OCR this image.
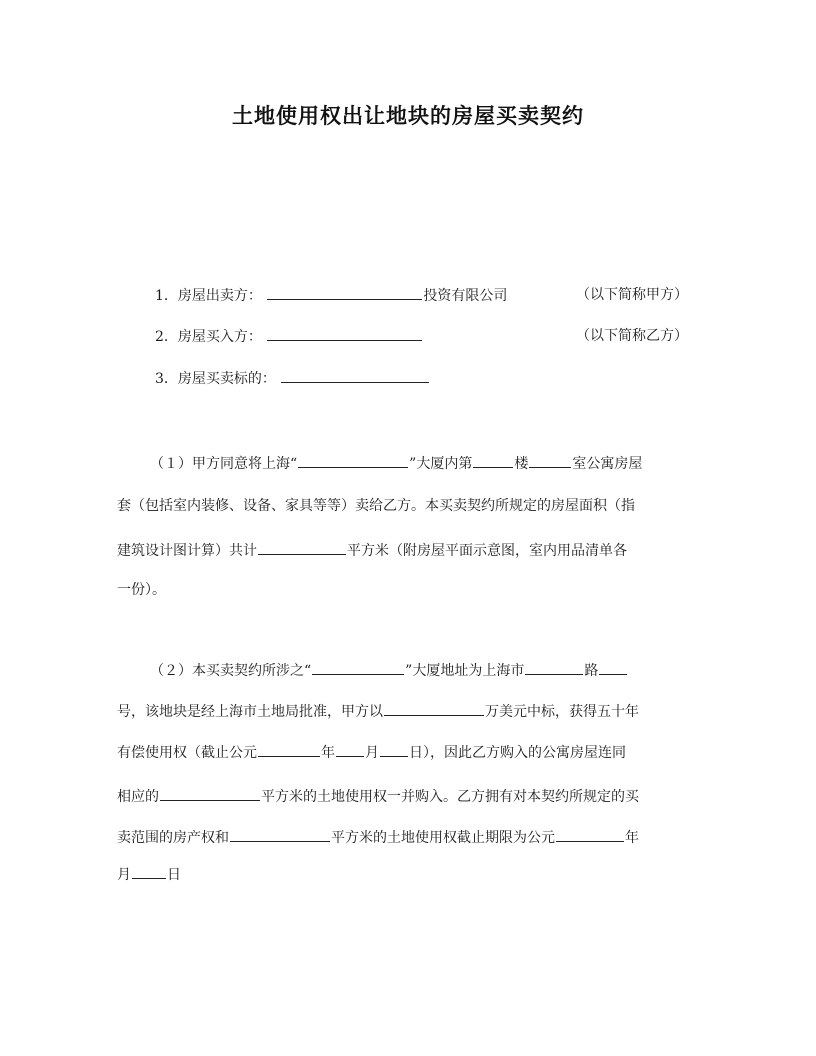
土地使用权出让地块的房屋买卖契约
1．房屋出卖方：	投资有限公司	（以下简称甲方）
2．房屋买入方：	（以下简称乙方）
3．房屋买卖标的：
（１）甲方同意将上海“	”大厦内第	楼	室公寓房屋
套（包括室内装修、设备、家具等等）卖给乙方。本买卖契约所规定的房屋面积（指
建筑设计图计算）共计	平方米（附房屋平面示意图，室内用品清单各
一份）。
（２）本买卖契约所涉之“	”大厦地址为上海市	路
号，该地块是经上海市土地局批准，甲方以	万美元中标，获得五十年
有偿使用权（截止公元	年 月 日），因此乙方购入的公寓房屋连同
相应的	平方米的土地使用权一并购入。乙方拥有对本契约所规定的买
卖范围的房产权和	平方米的土地使用权截止期限为公元	年
月	日
